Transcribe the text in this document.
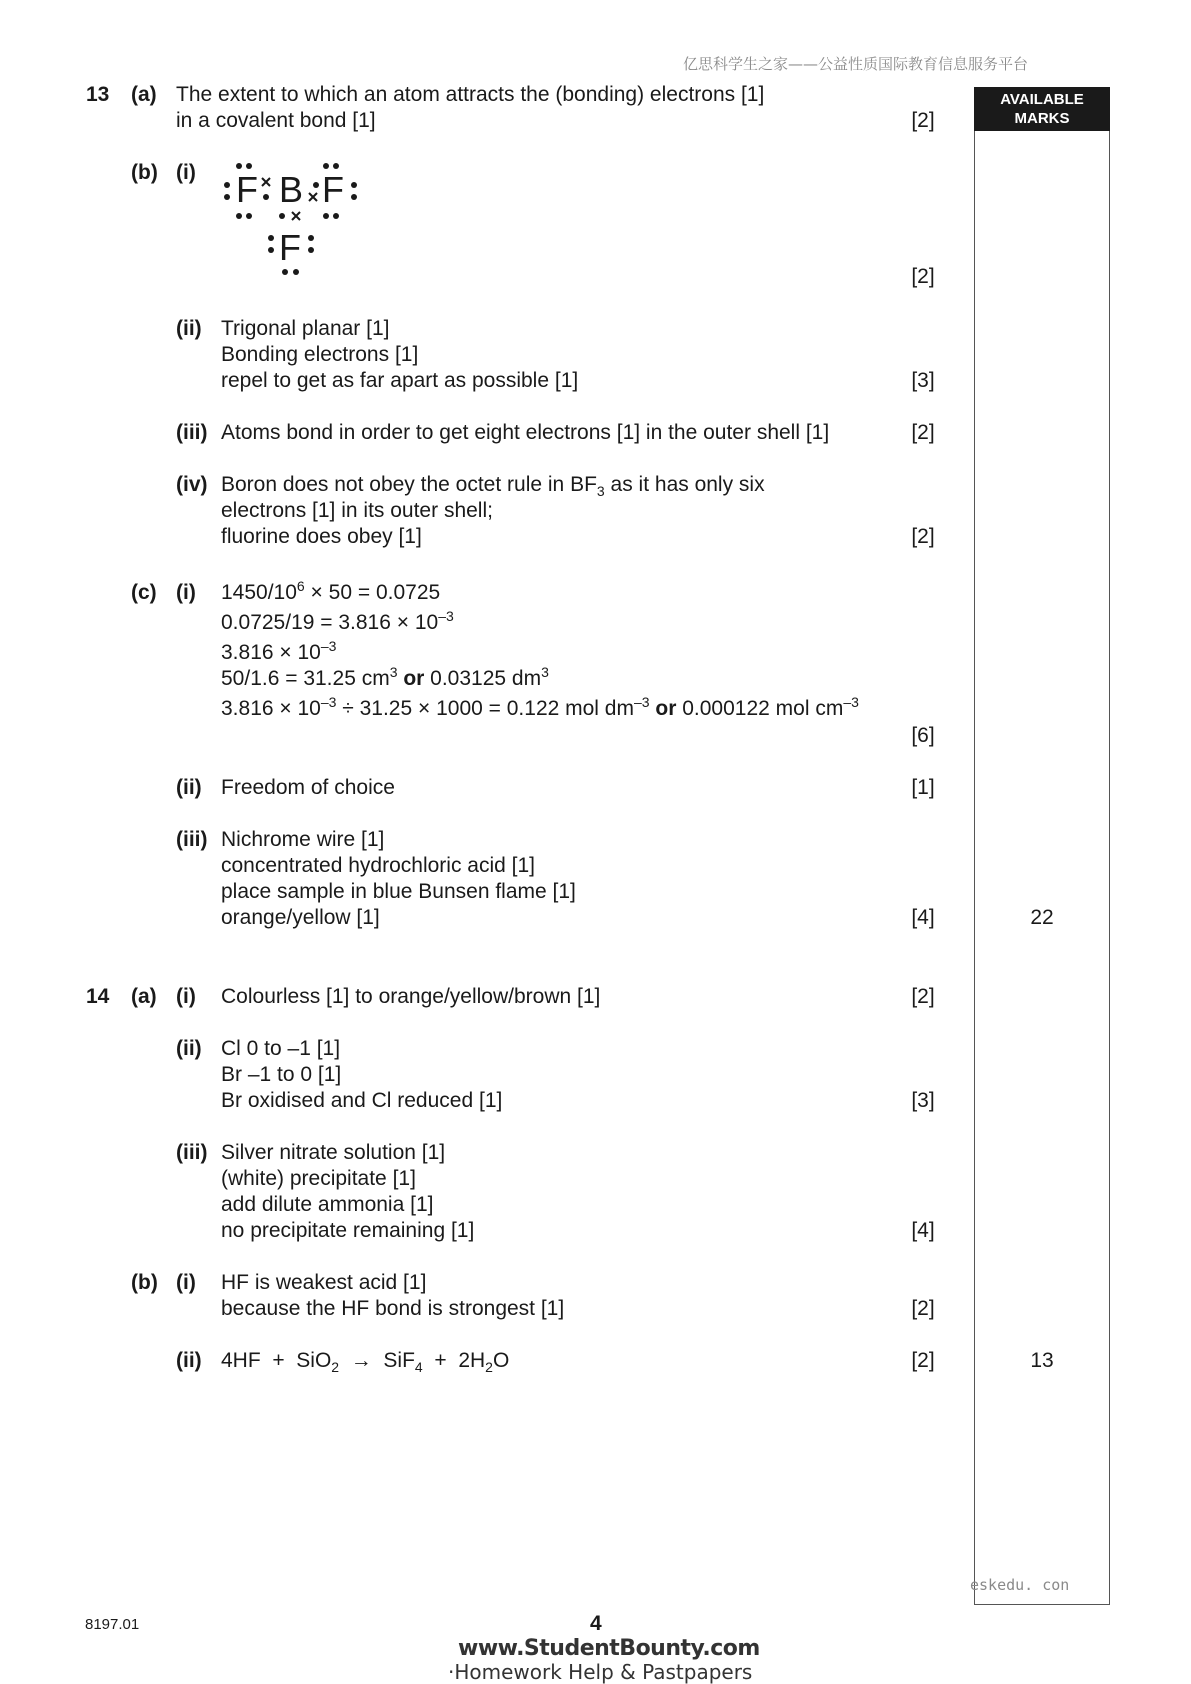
亿思科学生之家——公益性质国际教育信息服务平台
AVAILABLE
MARKS
13 (a) The extent to which an atom attracts the (bonding) electrons [1]
in a covalent bond [1]	[2]
(b) (i) F B F
F
[2]
(ii) Trigonal planar [1]
Bonding electrons [1]
repel to get as far apart as possible [1]	[3]
(iii) Atoms bond in order to get eight electrons [1] in the outer shell [1]	[2]
(iv) Boron does not obey the octet rule in $BF_3$ as it has only six
electrons [1] in its outer shell;
fluorine does obey [1]	[2]
(c) (i) $1450/10^6 \times 50 = 0.0725$
$0.0725/19 = 3.816 \times 10^{-3}$
$3.816 \times 10^{-3}$
50/1.6 = 31.25 $cm^3$ or 0.03125 $dm^3$
$3.816 \times 10^{-3} \div 31.25 \times 1000 = 0.122$ mol $dm^{-3}$ or 0.000122 mol $cm^{-3}$
[6]
(ii) Freedom of choice	[1]
(iii) Nichrome wire [1]
concentrated hydrochloric acid [1]
place sample in blue Bunsen flame [1]
orange/yellow [1]	[4]	22
14 (a) (i) Colourless [1] to orange/yellow/brown [1]	[2]
(ii) Cl 0 to –1 [1]
Br –1 to 0 [1]
Br oxidised and Cl reduced [1]	[3]
(iii) Silver nitrate solution [1]
(white) precipitate [1]
add dilute ammonia [1]
no precipitate remaining [1]	[4]
(b) (i) HF is weakest acid [1]
because the HF bond is strongest [1]	[2]
(ii) $4HF + SiO_2 \to SiF_4 + 2H_2O$	[2]	13
eskedu. con
8197.01	4
www.StudentBounty.com
·Homework Help & Pastpapers
